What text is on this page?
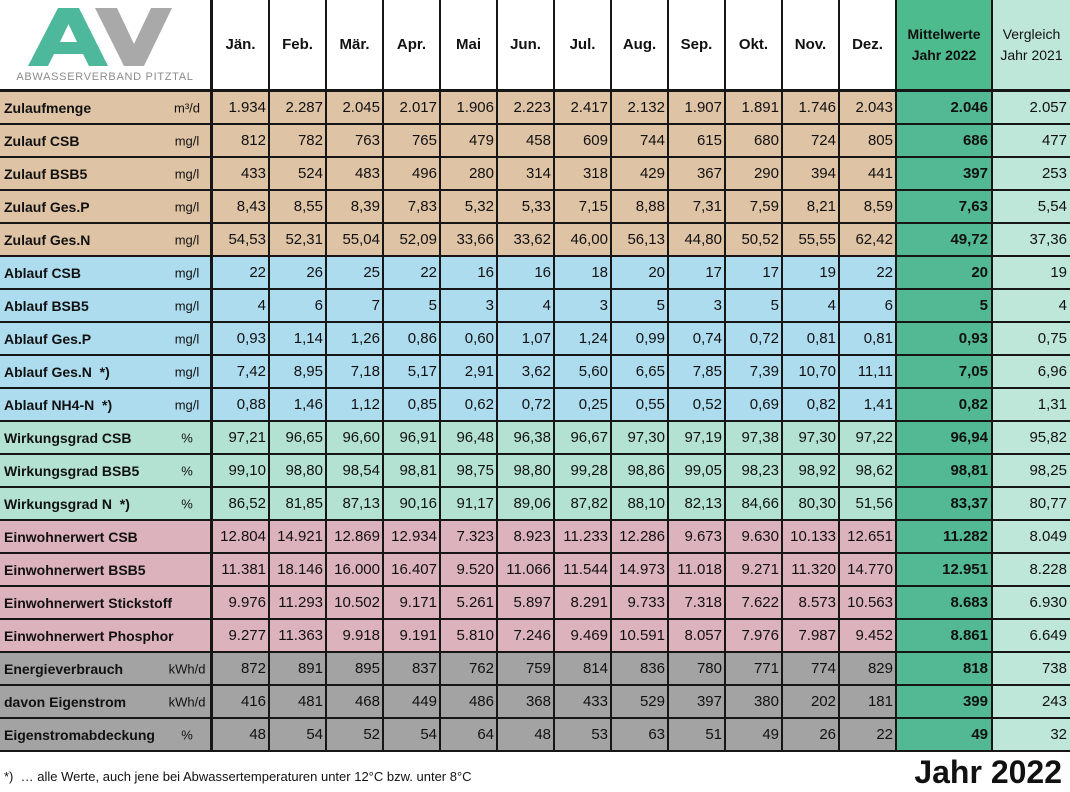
ABWASSERVERBAND PITZTAL
Jän.	Feb.	Mär.	Apr.	Mai	Jun.	Jul.	Aug.	Sep.	Okt.	Nov.	Dez.
Mittelwerte
Jahr 2022
Vergleich
Jahr 2021
Zulaufmenge	m³/d	1.934	2.287	2.045	2.017	1.906	2.223	2.417	2.132	1.907	1.891	1.746	2.043	2.046	2.057
Zulauf CSB	mg/l	812	782	763	765	479	458	609	744	615	680	724	805	686	477
Zulauf BSB5	mg/l	433	524	483	496	280	314	318	429	367	290	394	441	397	253
Zulauf Ges.P	mg/l	8,43	8,55	8,39	7,83	5,32	5,33	7,15	8,88	7,31	7,59	8,21	8,59	7,63	5,54
Zulauf Ges.N	mg/l	54,53	52,31	55,04	52,09	33,66	33,62	46,00	56,13	44,80	50,52	55,55	62,42	49,72	37,36
Ablauf CSB	mg/l	22	26	25	22	16	16	18	20	17	17	19	22	20	19
Ablauf BSB5	mg/l	4	6	7	5	3	4	3	5	3	5	4	6	5	4
Ablauf Ges.P	mg/l	0,93	1,14	1,26	0,86	0,60	1,07	1,24	0,99	0,74	0,72	0,81	0,81	0,93	0,75
Ablauf Ges.N  *)	mg/l	7,42	8,95	7,18	5,17	2,91	3,62	5,60	6,65	7,85	7,39	10,70	11,11	7,05	6,96
Ablauf NH4-N  *)	mg/l	0,88	1,46	1,12	0,85	0,62	0,72	0,25	0,55	0,52	0,69	0,82	1,41	0,82	1,31
Wirkungsgrad CSB	%	97,21	96,65	96,60	96,91	96,48	96,38	96,67	97,30	97,19	97,38	97,30	97,22	96,94	95,82
Wirkungsgrad BSB5	%	99,10	98,80	98,54	98,81	98,75	98,80	99,28	98,86	99,05	98,23	98,92	98,62	98,81	98,25
Wirkungsgrad N  *)	%	86,52	81,85	87,13	90,16	91,17	89,06	87,82	88,10	82,13	84,66	80,30	51,56	83,37	80,77
Einwohnerwert CSB	12.804 14.921 12.869 12.934	7.323	8.923 11.233 12.286	9.673	9.630 10.133 12.651	11.282	8.049
Einwohnerwert BSB5	11.381 18.146 16.000 16.407	9.520 11.066 11.544 14.973 11.018	9.271 11.320 14.770	12.951	8.228
Einwohnerwert Stickstoff	9.976 11.293 10.502	9.171	5.261	5.897	8.291	9.733	7.318	7.622	8.573 10.563	8.683	6.930
Einwohnerwert Phosphor	9.277 11.363	9.918	9.191	5.810	7.246	9.469 10.591	8.057	7.976	7.987	9.452	8.861	6.649
Energieverbrauch	kWh/d	872	891	895	837	762	759	814	836	780	771	774	829	818	738
davon Eigenstrom	kWh/d	416	481	468	449	486	368	433	529	397	380	202	181	399	243
Eigenstromabdeckung	%	48	54	52	54	64	48	53	63	51	49	26	22	49	32
*)  … alle Werte, auch jene bei Abwassertemperaturen unter 12°C bzw. unter 8°C	Jahr 2022
